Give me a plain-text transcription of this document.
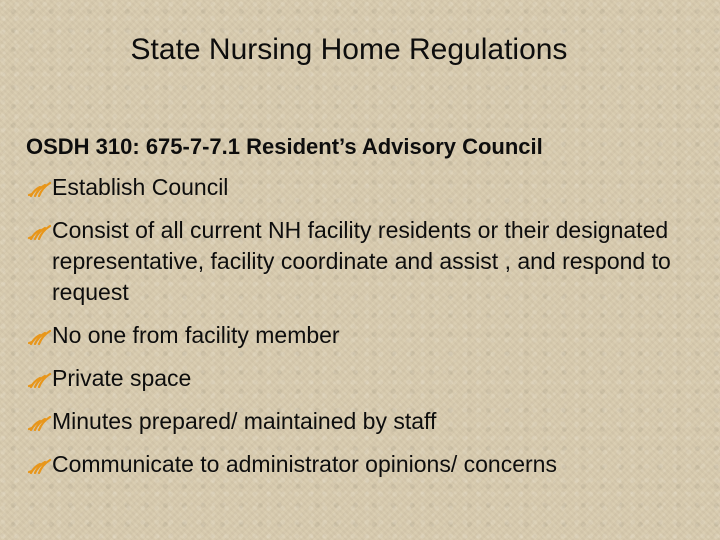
State Nursing Home Regulations

OSDH 310: 675-7-7.1 Resident’s Advisory Council

Establish Council
Consist of all current NH facility residents or their designated representative, facility coordinate and assist , and respond to request
No one from facility member
Private space
Minutes prepared/ maintained by staff
Communicate to administrator opinions/ concerns
